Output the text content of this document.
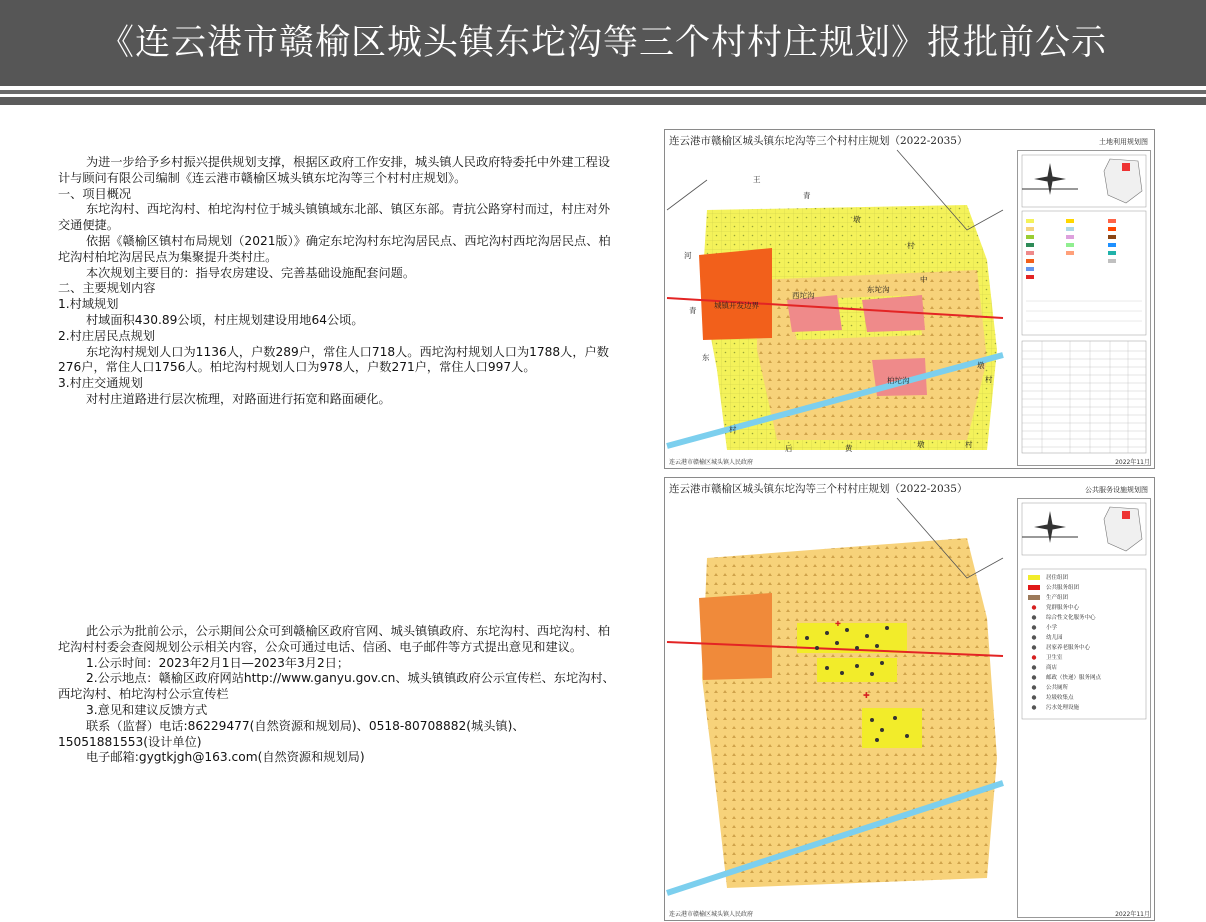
《连云港市赣榆区城头镇东坨沟等三个村村庄规划》报批前公示

为进一步给予乡村振兴提供规划支撑，根据区政府工作安排，城头镇人民政府特委托中外建工程设计与顾问有限公司编制《连云港市赣榆区城头镇东坨沟等三个村村庄规划》。

一、项目概况

东坨沟村、西坨沟村、柏坨沟村位于城头镇镇域东北部、镇区东部。青抗公路穿村而过，村庄对外交通便捷。

依据《赣榆区镇村布局规划（2021版）》确定东坨沟村东坨沟居民点、西坨沟村西坨沟居民点、柏坨沟村柏坨沟居民点为集聚提升类村庄。

本次规划主要目的：指导农房建设、完善基础设施配套问题。

二、主要规划内容

1.村域规划

村域面积430.89公顷，村庄规划建设用地64公顷。

2.村庄居民点规划

东坨沟村规划人口为1136人，户数289户，常住人口718人。西坨沟村规划人口为1788人，户数276户，常住人口1756人。柏坨沟村规划人口为978人，户数271户，常住人口997人。

3.村庄交通规划

对村庄道路进行层次梳理，对路面进行拓宽和路面硬化。

此公示为批前公示，公示期间公众可到赣榆区政府官网、城头镇镇政府、东坨沟村、西坨沟村、柏坨沟村村委会查阅规划公示相关内容，公众可通过电话、信函、电子邮件等方式提出意见和建议。

1.公示时间：2023年2月1日—2023年3月2日；

2.公示地点：赣榆区政府网站http://www.ganyu.gov.cn、城头镇镇政府公示宣传栏、东坨沟村、西坨沟村、柏坨沟村公示宣传栏

3.意见和建议反馈方式

联系（监督）电话:86229477(自然资源和规划局)、0518-80708882(城头镇)、15051881553(设计单位)

电子邮箱:gygtkjgh@163.com(自然资源和规划局)

连云港市赣榆区城头镇东坨沟等三个村村庄规划（2022-2035）	土地利用规划图
城镇开发边界
西坨沟
东坨沟
柏坨沟
王
青
墩
村
河
中
青
东
墩
村
村
后	黄	墩	村
连云港市赣榆区城头镇人民政府	2022年11月
连云港市赣榆区城头镇东坨沟等三个村村庄规划（2022-2035）	公共服务设施规划图
✚
✚
居住组团
公共服务组团
生产组团
党群服务中心
综合性文化服务中心
小学
幼儿园
居家养老服务中心
卫生室
商店
邮政（快递）服务网点
公共厕所
垃圾收集点
污水处理设施
连云港市赣榆区城头镇人民政府	2022年11月
